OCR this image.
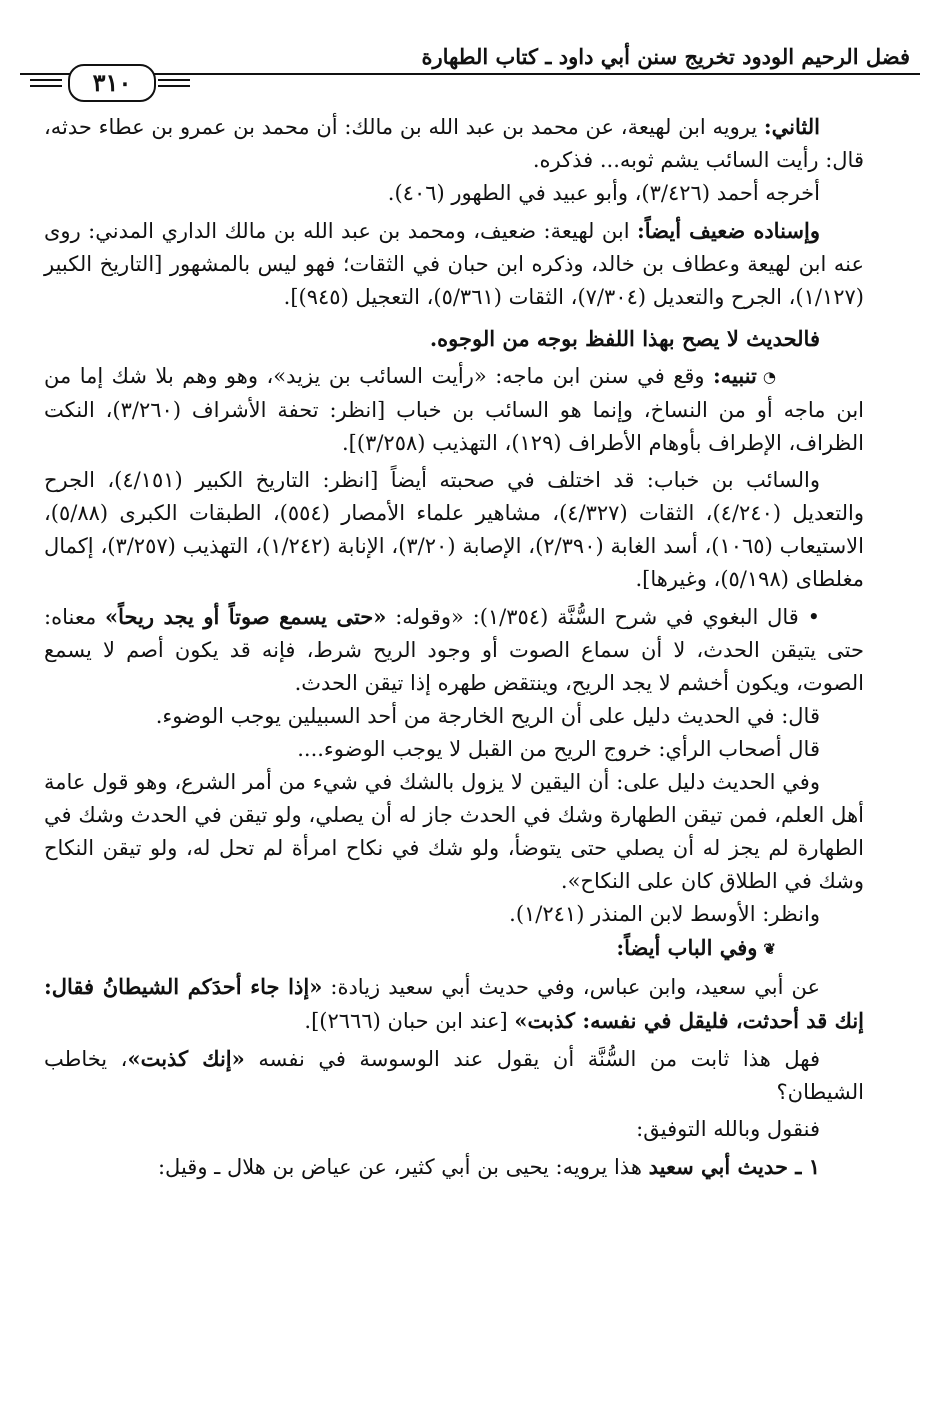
فضل الرحيم الودود تخريج سنن أبي داود ـ كتاب الطهارة
٣١٠

الثاني: يرويه ابن لهيعة، عن محمد بن عبد الله بن مالك: أن محمد بن عمرو بن عطاء حدثه، قال: رأيت السائب يشم ثوبه... فذكره.

أخرجه أحمد (٣/٤٢٦)، وأبو عبيد في الطهور (٤٠٦).

وإسناده ضعيف أيضاً: ابن لهيعة: ضعيف، ومحمد بن عبد الله بن مالك الداري المدني: روى عنه ابن لهيعة وعطاف بن خالد، وذكره ابن حبان في الثقات؛ فهو ليس بالمشهور [التاريخ الكبير (١/١٢٧)، الجرح والتعديل (٧/٣٠٤)، الثقات (٥/٣٦١)، التعجيل (٩٤٥)].

فالحديث لا يصح بهذا اللفظ بوجه من الوجوه.

◔تنبيه: وقع في سنن ابن ماجه: «رأيت السائب بن يزيد»، وهو وهم بلا شك إما من ابن ماجه أو من النساخ، وإنما هو السائب بن خباب [انظر: تحفة الأشراف (٣/٢٦٠)، النكت الظراف، الإطراف بأوهام الأطراف (١٢٩)، التهذيب (٣/٢٥٨)].

والسائب بن خباب: قد اختلف في صحبته أيضاً [انظر: التاريخ الكبير (٤/١٥١)، الجرح والتعديل (٤/٢٤٠)، الثقات (٤/٣٢٧)، مشاهير علماء الأمصار (٥٥٤)، الطبقات الكبرى (٥/٨٨)، الاستيعاب (١٠٦٥)، أسد الغابة (٢/٣٩٠)، الإصابة (٣/٢٠)، الإنابة (١/٢٤٢)، التهذيب (٣/٢٥٧)، إكمال مغلطاى (٥/١٩٨)، وغيرها].

• قال البغوي في شرح السُّنَّة (١/٣٥٤): «وقوله: «حتى يسمع صوتاً أو يجد ريحاً» معناه: حتى يتيقن الحدث، لا أن سماع الصوت أو وجود الريح شرط، فإنه قد يكون أصم لا يسمع الصوت، ويكون أخشم لا يجد الريح، وينتقض طهره إذا تيقن الحدث.

قال: في الحديث دليل على أن الريح الخارجة من أحد السبيلين يوجب الوضوء.

قال أصحاب الرأي: خروج الريح من القبل لا يوجب الوضوء....

وفي الحديث دليل على: أن اليقين لا يزول بالشك في شيء من أمر الشرع، وهو قول عامة أهل العلم، فمن تيقن الطهارة وشك في الحدث جاز له أن يصلي، ولو تيقن في الحدث وشك في الطهارة لم يجز له أن يصلي حتى يتوضأ، ولو شك في نكاح امرأة لم تحل له، ولو تيقن النكاح وشك في الطلاق كان على النكاح».

وانظر: الأوسط لابن المنذر (١/٢٤١).

❦وفي الباب أيضاً:

عن أبي سعيد، وابن عباس، وفي حديث أبي سعيد زيادة: «إذا جاء أحدَكم الشيطانُ فقال: إنك قد أحدثت، فليقل في نفسه: كذبت» [عند ابن حبان (٢٦٦٦)].

فهل هذا ثابت من السُّنَّة أن يقول عند الوسوسة في نفسه «إنك كذبت»، يخاطب الشيطان؟

فنقول وبالله التوفيق:

١ ـ حديث أبي سعيد هذا يرويه: يحيى بن أبي كثير، عن عياض بن هلال ـ وقيل:
